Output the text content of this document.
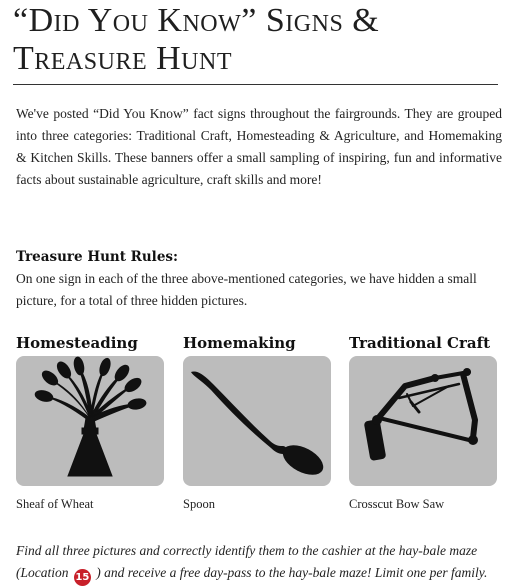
“Did You Know” Signs & Treasure Hunt

We've posted “Did You Know” fact signs throughout the fairgrounds. They are grouped into three categories: Traditional Craft, Homesteading & Agriculture, and Homemaking & Kitchen Skills. These banners offer a small sampling of inspiring, fun and informative facts about sustainable agriculture, craft skills and more!

Treasure Hunt Rules:

On one sign in each of the three above-mentioned categories, we have hidden a small picture, for a total of three hidden pictures.

Homesteading
Sheaf of Wheat
Homemaking
Spoon
Traditional Craft
Crosscut Bow Saw

Find all three pictures and correctly identify them to the cashier at the hay-bale maze (Location 15 ) and receive a free day-pass to the hay-bale maze! Limit one per family.
